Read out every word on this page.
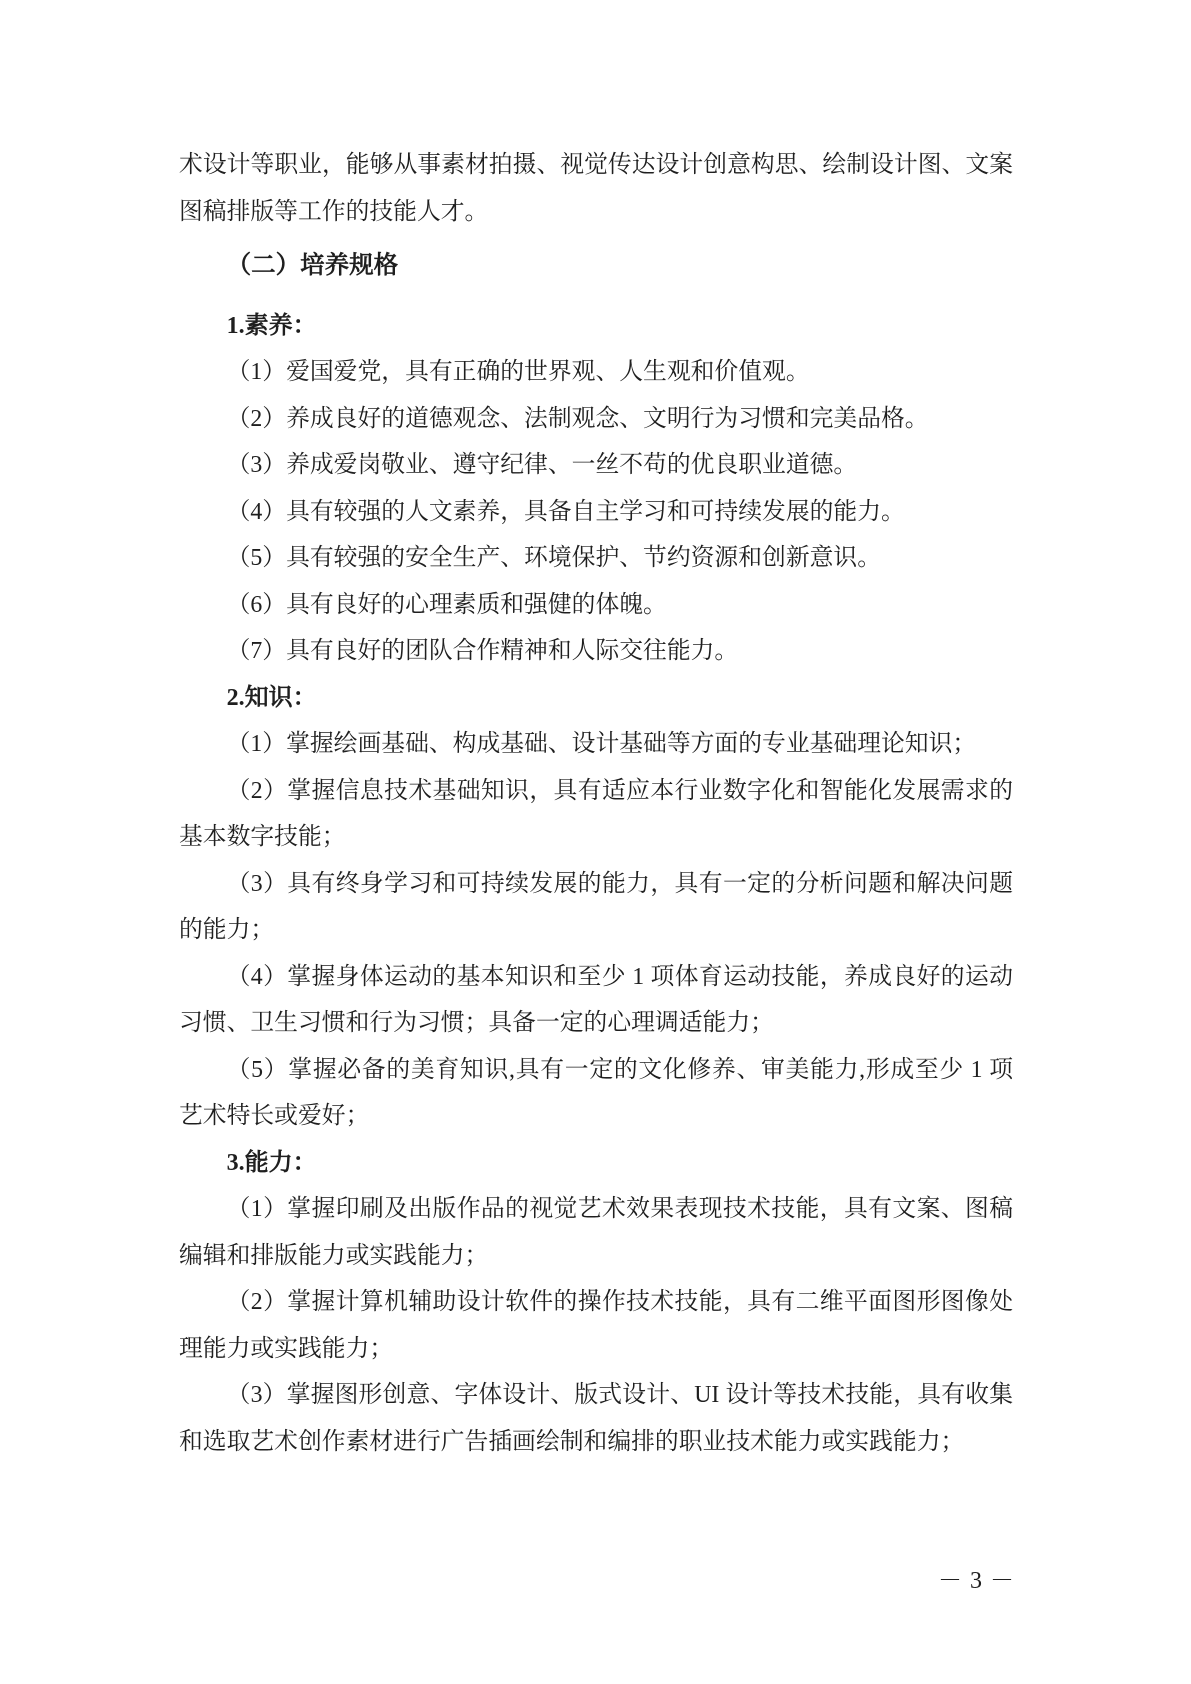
术设计等职业，能够从事素材拍摄、视觉传达设计创意构思、绘制设计图、文案
图稿排版等工作的技能人才。
（二）培养规格
1.素养：
（1）爱国爱党，具有正确的世界观、人生观和价值观。
（2）养成良好的道德观念、法制观念、文明行为习惯和完美品格。
（3）养成爱岗敬业、遵守纪律、一丝不苟的优良职业道德。
（4）具有较强的人文素养，具备自主学习和可持续发展的能力。
（5）具有较强的安全生产、环境保护、节约资源和创新意识。
（6）具有良好的心理素质和强健的体魄。
（7）具有良好的团队合作精神和人际交往能力。
2.知识：
（1）掌握绘画基础、构成基础、设计基础等方面的专业基础理论知识；
（2）掌握信息技术基础知识，具有适应本行业数字化和智能化发展需求的
基本数字技能；
（3）具有终身学习和可持续发展的能力，具有一定的分析问题和解决问题
的能力；
（4）掌握身体运动的基本知识和至少 1 项体育运动技能，养成良好的运动
习惯、卫生习惯和行为习惯；具备一定的心理调适能力；
（5）掌握必备的美育知识,具有一定的文化修养、审美能力,形成至少 1 项
艺术特长或爱好；
3.能力：
（1）掌握印刷及出版作品的视觉艺术效果表现技术技能，具有文案、图稿
编辑和排版能力或实践能力；
（2）掌握计算机辅助设计软件的操作技术技能，具有二维平面图形图像处
理能力或实践能力；
（3）掌握图形创意、字体设计、版式设计、UI 设计等技术技能，具有收集
和选取艺术创作素材进行广告插画绘制和编排的职业技术能力或实践能力；
－ 3 －
